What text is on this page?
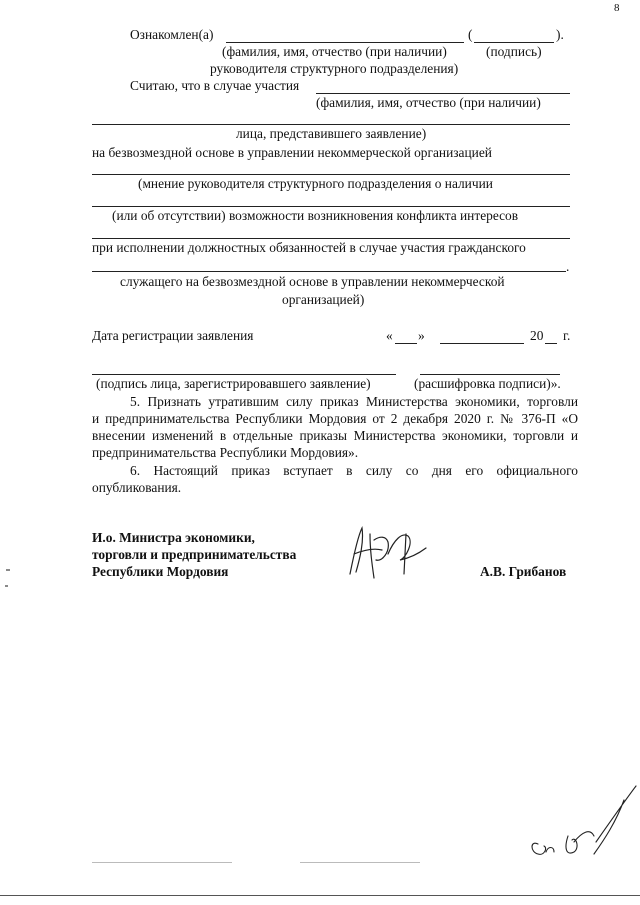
8
Ознакомлен(а)	(	).
(фамилия, имя, отчество (при наличии)	(подпись)
руководителя структурного подразделения)
Считаю, что в случае участия
(фамилия, имя, отчество (при наличии)
лица, представившего заявление)
на безвозмездной основе в управлении некоммерческой организацией
(мнение руководителя структурного подразделения о наличии
(или об отсутствии) возможности возникновения конфликта интересов
при исполнении должностных обязанностей в случае участия гражданского
.
служащего на безвозмездной основе в управлении некоммерческой
организацией)
Дата регистрации заявления	« »	20 г.
(подпись лица, зарегистрировавшего заявление)	(расшифровка подписи)».
5. Признать утратившим силу приказ Министерства экономики, торговли
и предпринимательства Республики Мордовия от 2 декабря 2020 г. № 376-П «О
внесении изменений в отдельные приказы Министерства экономики, торговли и
предпринимательства Республики Мордовия».
6. Настоящий приказ вступает в силу со дня его официального
опубликования.
И.о. Министра экономики,
торговли и предпринимательства
Республики Мордовия	А.В. Грибанов
